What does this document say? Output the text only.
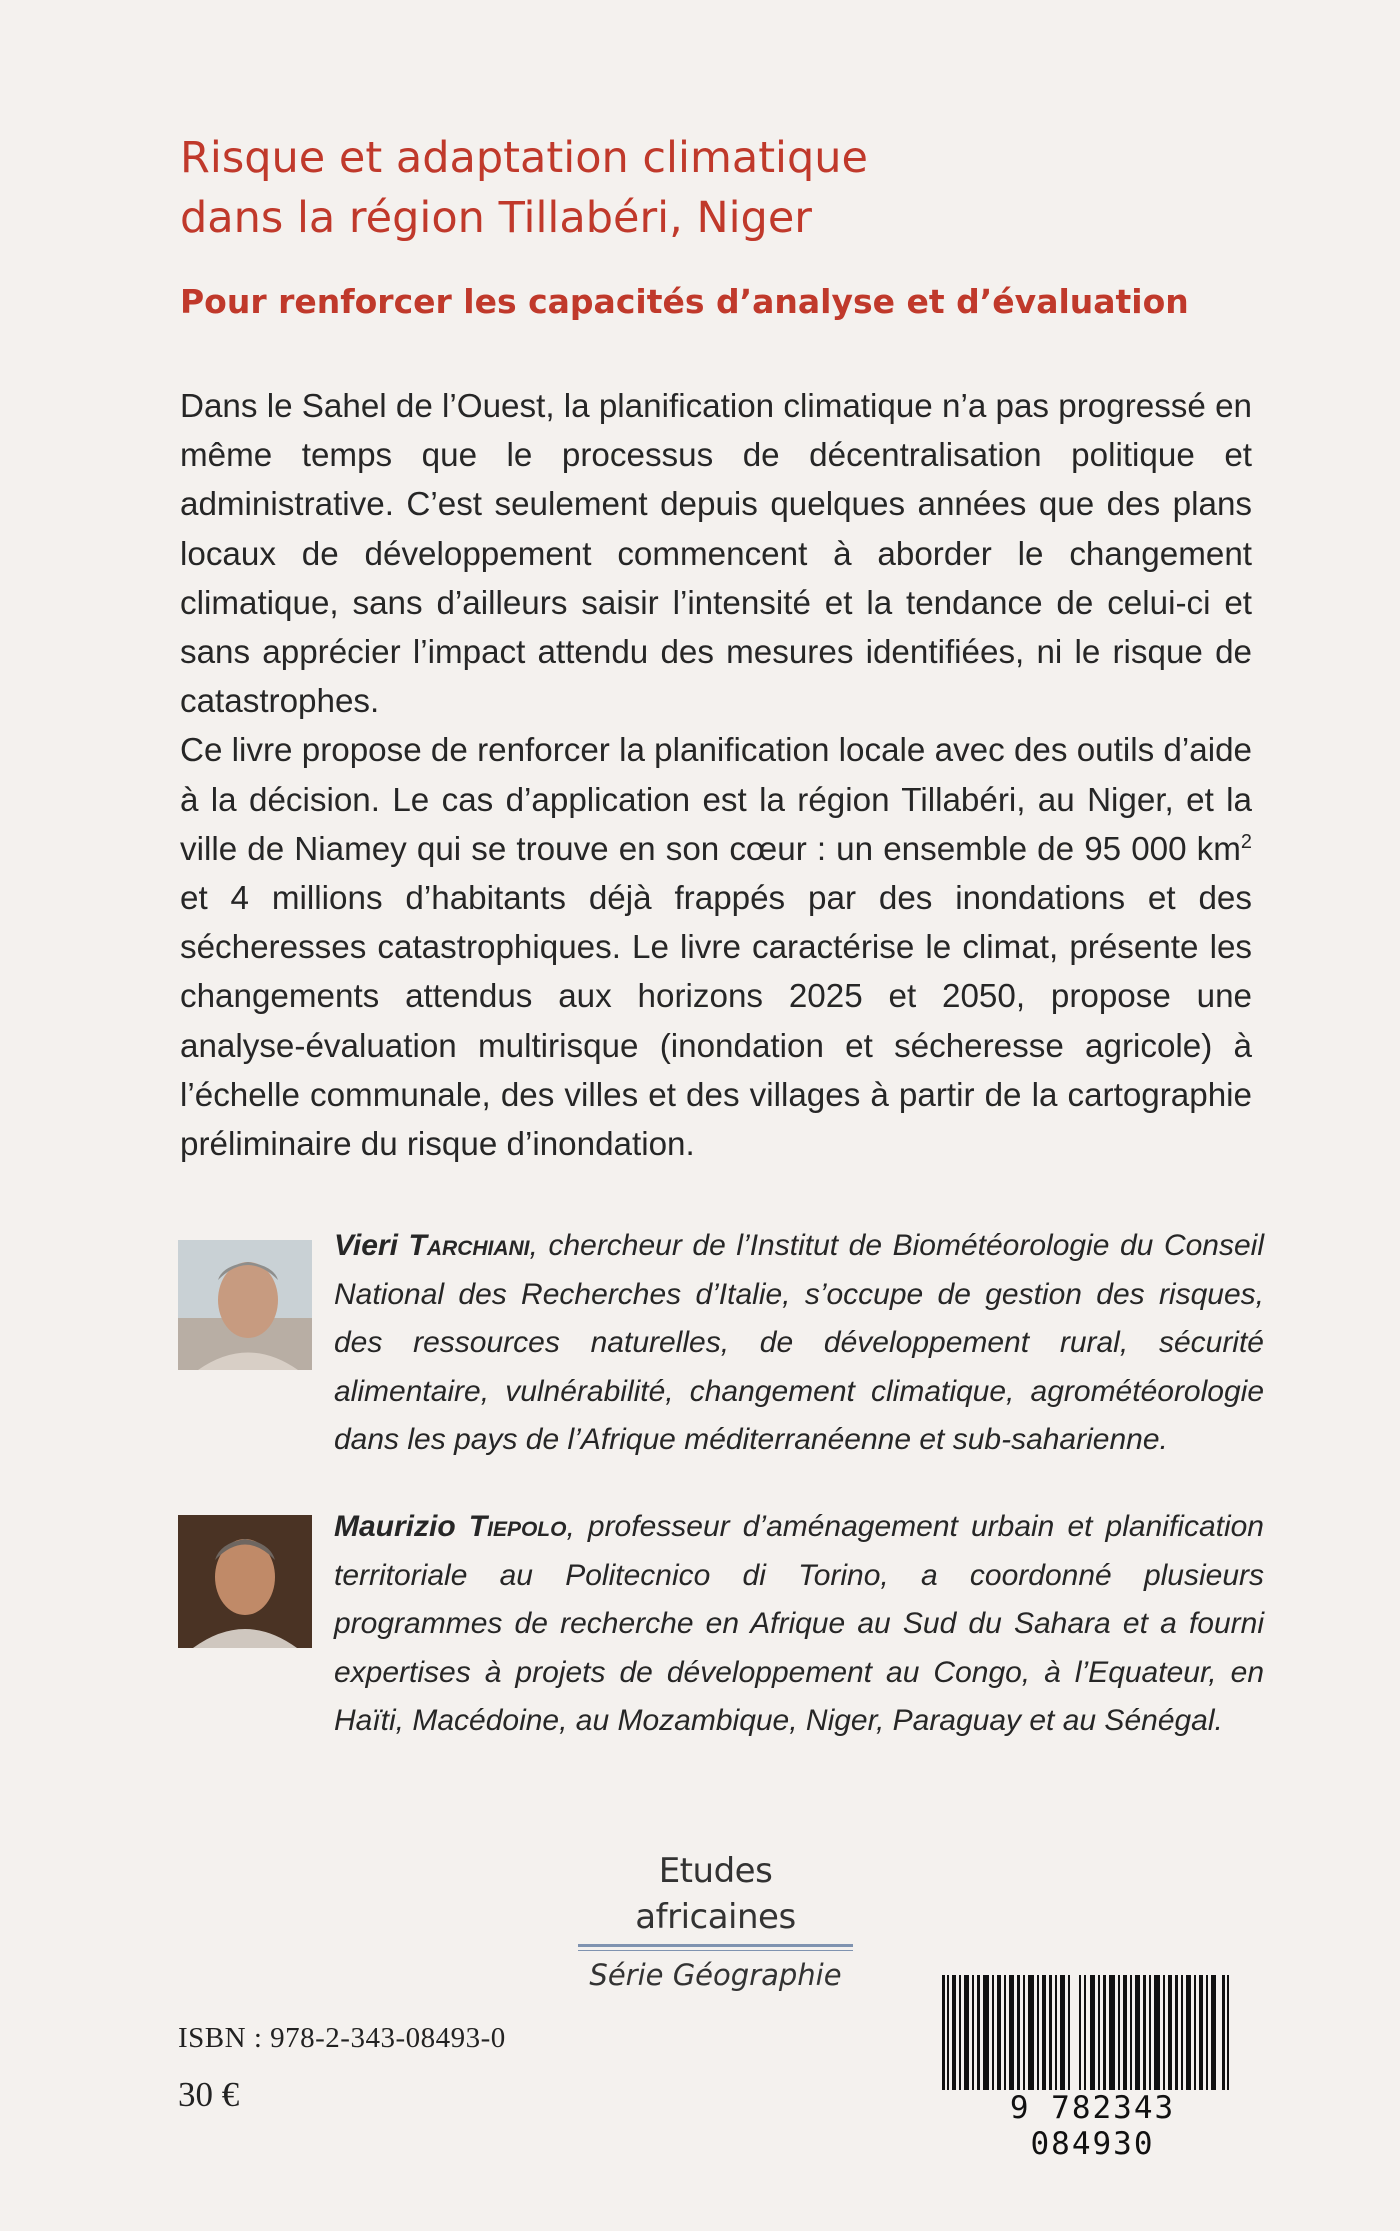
Risque et adaptation climatique
dans la région Tillabéri, Niger
Pour renforcer les capacités d’analyse et d’évaluation

Dans le Sahel de l’Ouest, la planification climatique n’a pas progressé en même temps que le processus de décentralisation politique et administrative. C’est seulement depuis quelques années que des plans locaux de développement commencent à aborder le changement climatique, sans d’ailleurs saisir l’intensité et la tendance de celui-ci et sans apprécier l’impact attendu des mesures identifiées, ni le risque de catastrophes.

Ce livre propose de renforcer la planification locale avec des outils d’aide à la décision. Le cas d’application est la région Tillabéri, au Niger, et la ville de Niamey qui se trouve en son cœur : un ensemble de 95 000 $km^2$ et 4 millions d’habitants déjà frappés par des inondations et des sécheresses catastrophiques. Le livre caractérise le climat, présente les changements attendus aux horizons 2025 et 2050, propose une analyse-évaluation multirisque (inondation et sécheresse agricole) à l’échelle communale, des villes et des villages à partir de la cartographie préliminaire du risque d’inondation.

Vieri Tarchiani, chercheur de l’Institut de Biométéorologie du Conseil National des Recherches d’Italie, s’occupe de gestion des risques, des ressources naturelles, de développement rural, sécurité alimentaire, vulnérabilité, changement climatique, agrométéorologie dans les pays de l’Afrique méditerranéenne et sub-saharienne.
Maurizio Tiepolo, professeur d’aménagement urbain et planification territoriale au Politecnico di Torino, a coordonné plusieurs programmes de recherche en Afrique au Sud du Sahara et a fourni expertises à projets de développement au Congo, à l’Equateur, en Haïti, Macédoine, au Mozambique, Niger, Paraguay et au Sénégal.
Etudes africaines
Série Géographie
ISBN : 978-2-343-08493-0
30 €	9 782343 084930
